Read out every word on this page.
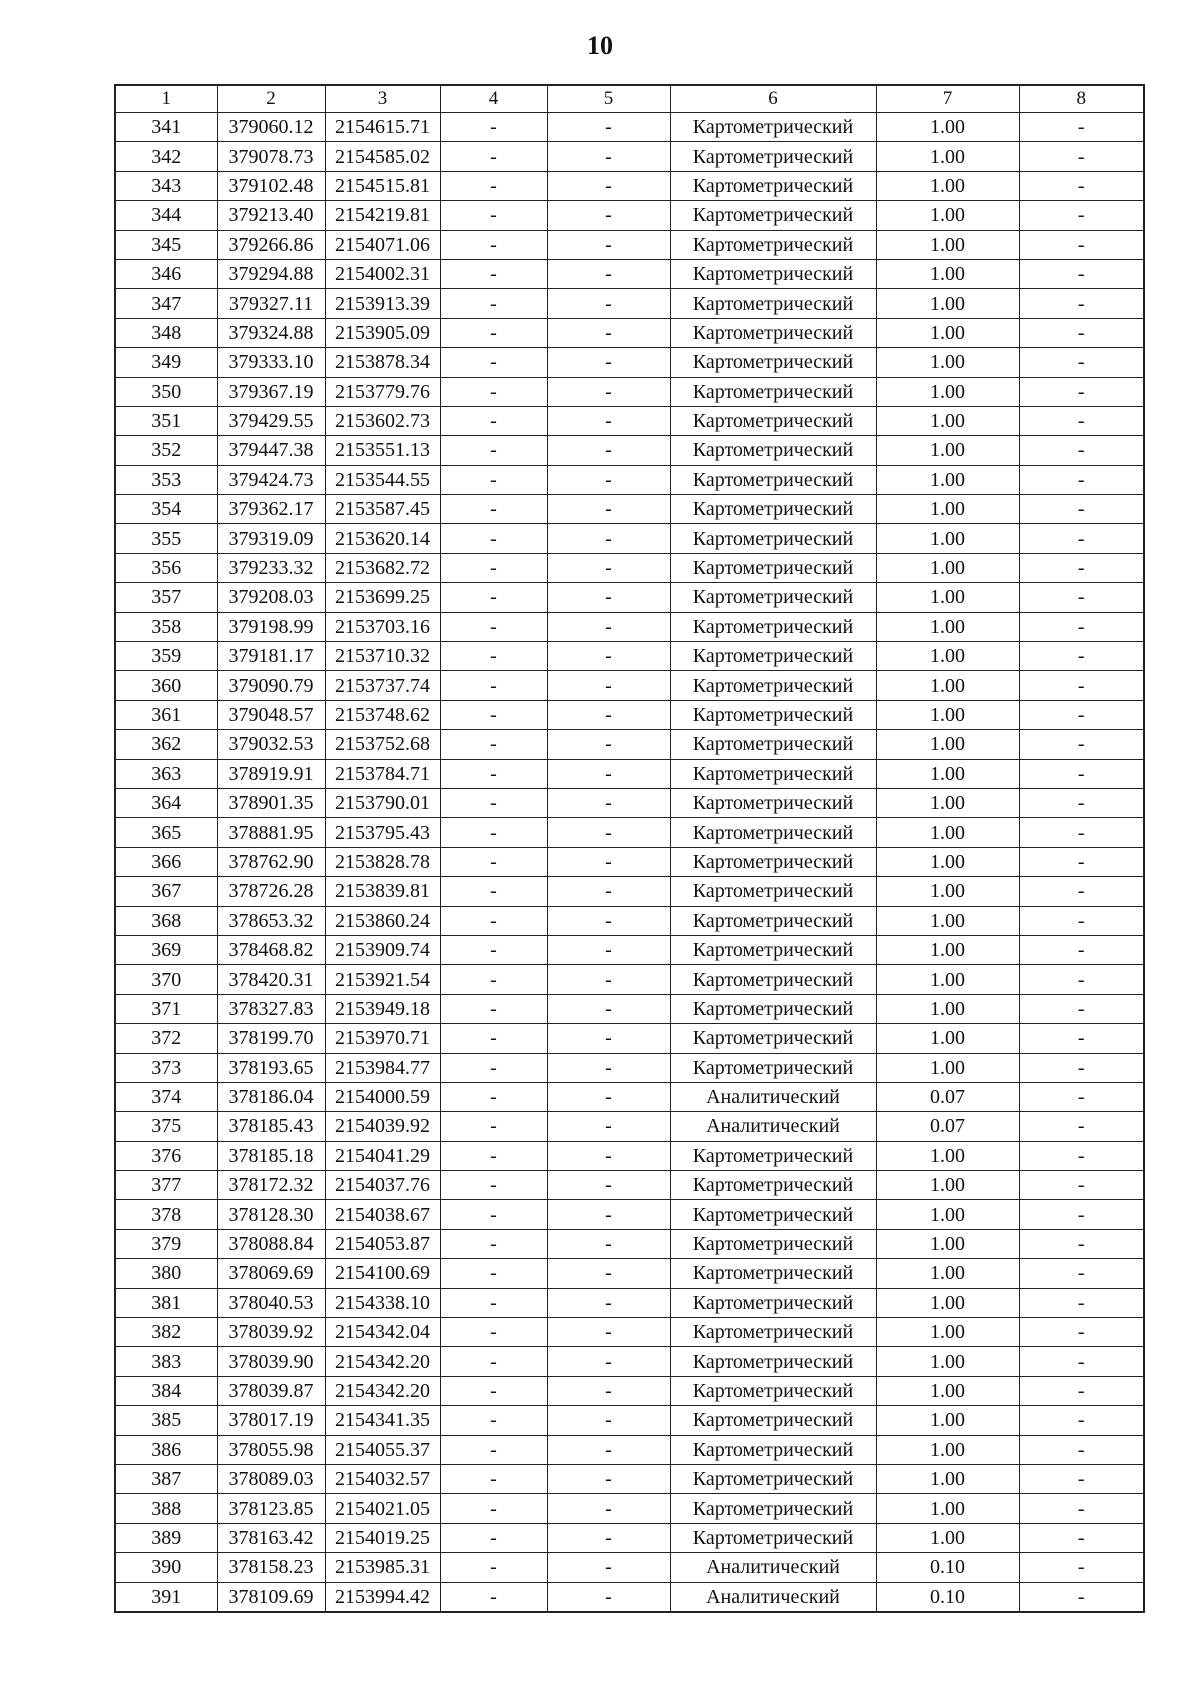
10
1	2	3	4	5	6	7	8
341	379060.12	2154615.71	-	-	Картометрический	1.00	-
342	379078.73	2154585.02	-	-	Картометрический	1.00	-
343	379102.48	2154515.81	-	-	Картометрический	1.00	-
344	379213.40	2154219.81	-	-	Картометрический	1.00	-
345	379266.86	2154071.06	-	-	Картометрический	1.00	-
346	379294.88	2154002.31	-	-	Картометрический	1.00	-
347	379327.11	2153913.39	-	-	Картометрический	1.00	-
348	379324.88	2153905.09	-	-	Картометрический	1.00	-
349	379333.10	2153878.34	-	-	Картометрический	1.00	-
350	379367.19	2153779.76	-	-	Картометрический	1.00	-
351	379429.55	2153602.73	-	-	Картометрический	1.00	-
352	379447.38	2153551.13	-	-	Картометрический	1.00	-
353	379424.73	2153544.55	-	-	Картометрический	1.00	-
354	379362.17	2153587.45	-	-	Картометрический	1.00	-
355	379319.09	2153620.14	-	-	Картометрический	1.00	-
356	379233.32	2153682.72	-	-	Картометрический	1.00	-
357	379208.03	2153699.25	-	-	Картометрический	1.00	-
358	379198.99	2153703.16	-	-	Картометрический	1.00	-
359	379181.17	2153710.32	-	-	Картометрический	1.00	-
360	379090.79	2153737.74	-	-	Картометрический	1.00	-
361	379048.57	2153748.62	-	-	Картометрический	1.00	-
362	379032.53	2153752.68	-	-	Картометрический	1.00	-
363	378919.91	2153784.71	-	-	Картометрический	1.00	-
364	378901.35	2153790.01	-	-	Картометрический	1.00	-
365	378881.95	2153795.43	-	-	Картометрический	1.00	-
366	378762.90	2153828.78	-	-	Картометрический	1.00	-
367	378726.28	2153839.81	-	-	Картометрический	1.00	-
368	378653.32	2153860.24	-	-	Картометрический	1.00	-
369	378468.82	2153909.74	-	-	Картометрический	1.00	-
370	378420.31	2153921.54	-	-	Картометрический	1.00	-
371	378327.83	2153949.18	-	-	Картометрический	1.00	-
372	378199.70	2153970.71	-	-	Картометрический	1.00	-
373	378193.65	2153984.77	-	-	Картометрический	1.00	-
374	378186.04	2154000.59	-	-	Аналитический	0.07	-
375	378185.43	2154039.92	-	-	Аналитический	0.07	-
376	378185.18	2154041.29	-	-	Картометрический	1.00	-
377	378172.32	2154037.76	-	-	Картометрический	1.00	-
378	378128.30	2154038.67	-	-	Картометрический	1.00	-
379	378088.84	2154053.87	-	-	Картометрический	1.00	-
380	378069.69	2154100.69	-	-	Картометрический	1.00	-
381	378040.53	2154338.10	-	-	Картометрический	1.00	-
382	378039.92	2154342.04	-	-	Картометрический	1.00	-
383	378039.90	2154342.20	-	-	Картометрический	1.00	-
384	378039.87	2154342.20	-	-	Картометрический	1.00	-
385	378017.19	2154341.35	-	-	Картометрический	1.00	-
386	378055.98	2154055.37	-	-	Картометрический	1.00	-
387	378089.03	2154032.57	-	-	Картометрический	1.00	-
388	378123.85	2154021.05	-	-	Картометрический	1.00	-
389	378163.42	2154019.25	-	-	Картометрический	1.00	-
390	378158.23	2153985.31	-	-	Аналитический	0.10	-
391	378109.69	2153994.42	-	-	Аналитический	0.10	-
